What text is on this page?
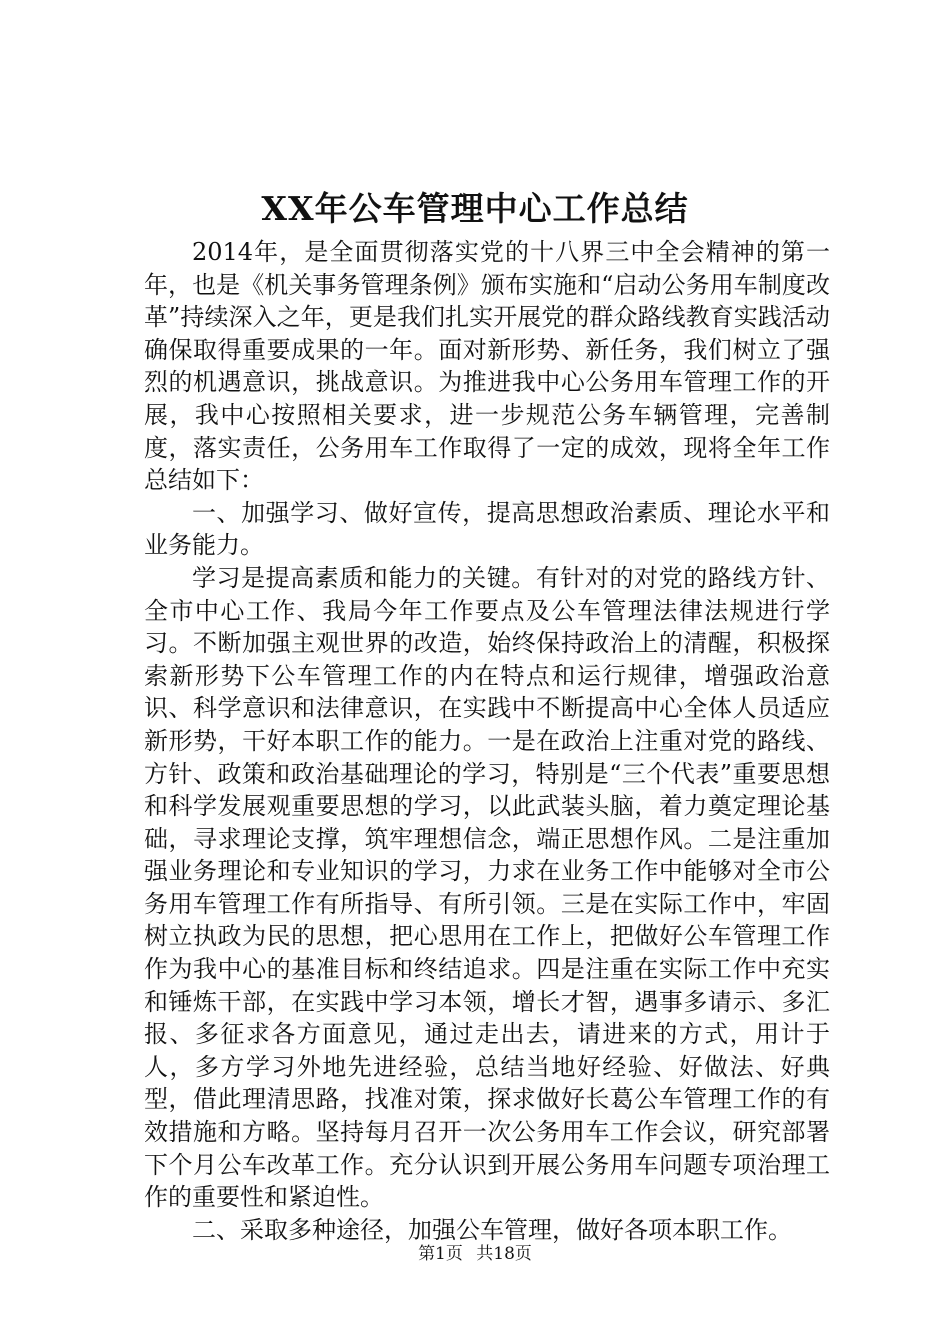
XX年公车管理中心工作总结

2014年，是全面贯彻落实党的十八界三中全会精神的第一年，也是《机关事务管理条例》颁布实施和“启动公务用车制度改革”持续深入之年，更是我们扎实开展党的群众路线教育实践活动确保取得重要成果的一年。面对新形势、新任务，我们树立了强烈的机遇意识，挑战意识。为推进我中心公务用车管理工作的开展，我中心按照相关要求，进一步规范公务车辆管理，完善制度，落实责任，公务用车工作取得了一定的成效，现将全年工作总结如下：

一、加强学习、做好宣传，提高思想政治素质、理论水平和业务能力。

学习是提高素质和能力的关键。有针对的对党的路线方针、全市中心工作、我局今年工作要点及公车管理法律法规进行学习。不断加强主观世界的改造，始终保持政治上的清醒，积极探索新形势下公车管理工作的内在特点和运行规律，增强政治意识、科学意识和法律意识，在实践中不断提高中心全体人员适应新形势，干好本职工作的能力。一是在政治上注重对党的路线、方针、政策和政治基础理论的学习，特别是“三个代表”重要思想和科学发展观重要思想的学习，以此武装头脑，着力奠定理论基础，寻求理论支撑，筑牢理想信念，端正思想作风。二是注重加强业务理论和专业知识的学习，力求在业务工作中能够对全市公务用车管理工作有所指导、有所引领。三是在实际工作中，牢固树立执政为民的思想，把心思用在工作上，把做好公车管理工作作为我中心的基准目标和终结追求。四是注重在实际工作中充实和锤炼干部，在实践中学习本领，增长才智，遇事多请示、多汇报、多征求各方面意见，通过走出去，请进来的方式，用计于人，多方学习外地先进经验，总结当地好经验、好做法、好典型，借此理清思路，找准对策，探求做好长葛公车管理工作的有效措施和方略。坚持每月召开一次公务用车工作会议，研究部署下个月公车改革工作。充分认识到开展公务用车问题专项治理工作的重要性和紧迫性。

二、采取多种途径，加强公车管理，做好各项本职工作。

第1页 共18页
